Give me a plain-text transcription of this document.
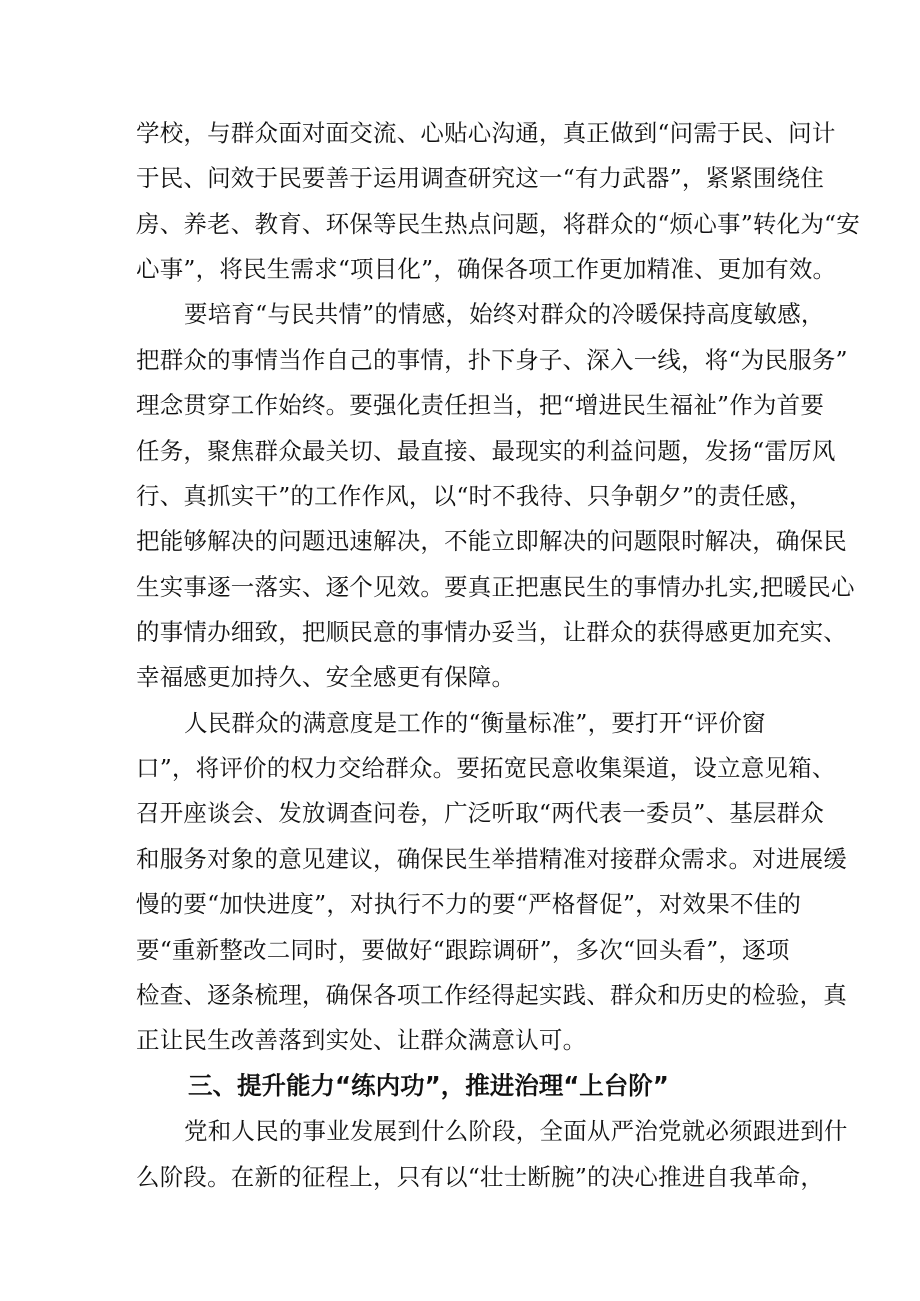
学校，与群众面对面交流、心贴心沟通，真正做到“问需于民、问计
于民、问效于民要善于运用调查研究这一“有力武器”，紧紧围绕住
房、养老、教育、环保等民生热点问题，将群众的“烦心事”转化为“安
心事”，将民生需求“项目化”，确保各项工作更加精准、更加有效。
要培育“与民共情”的情感，始终对群众的冷暖保持高度敏感，
把群众的事情当作自己的事情，扑下身子、深入一线，将“为民服务”
理念贯穿工作始终。要强化责任担当，把“增进民生福祉”作为首要
任务，聚焦群众最关切、最直接、最现实的利益问题，发扬“雷厉风
行、真抓实干”的工作作风，以“时不我待、只争朝夕”的责任感，
把能够解决的问题迅速解决，不能立即解决的问题限时解决，确保民
生实事逐一落实、逐个见效。要真正把惠民生的事情办扎实,把暖民心
的事情办细致，把顺民意的事情办妥当，让群众的获得感更加充实、
幸福感更加持久、安全感更有保障。
人民群众的满意度是工作的“衡量标准”，要打开“评价窗
口”，将评价的权力交给群众。要拓宽民意收集渠道，设立意见箱、
召开座谈会、发放调查问卷，广泛听取“两代表一委员”、基层群众
和服务对象的意见建议，确保民生举措精准对接群众需求。对进展缓
慢的要“加快进度”，对执行不力的要“严格督促”，对效果不佳的
要“重新整改二同时，要做好“跟踪调研”，多次“回头看”，逐项
检查、逐条梳理，确保各项工作经得起实践、群众和历史的检验，真
正让民生改善落到实处、让群众满意认可。
三、提升能力“练内功”，推进治理“上台阶”
党和人民的事业发展到什么阶段，全面从严治党就必须跟进到什
么阶段。在新的征程上，只有以“壮士断腕”的决心推进自我革命，
